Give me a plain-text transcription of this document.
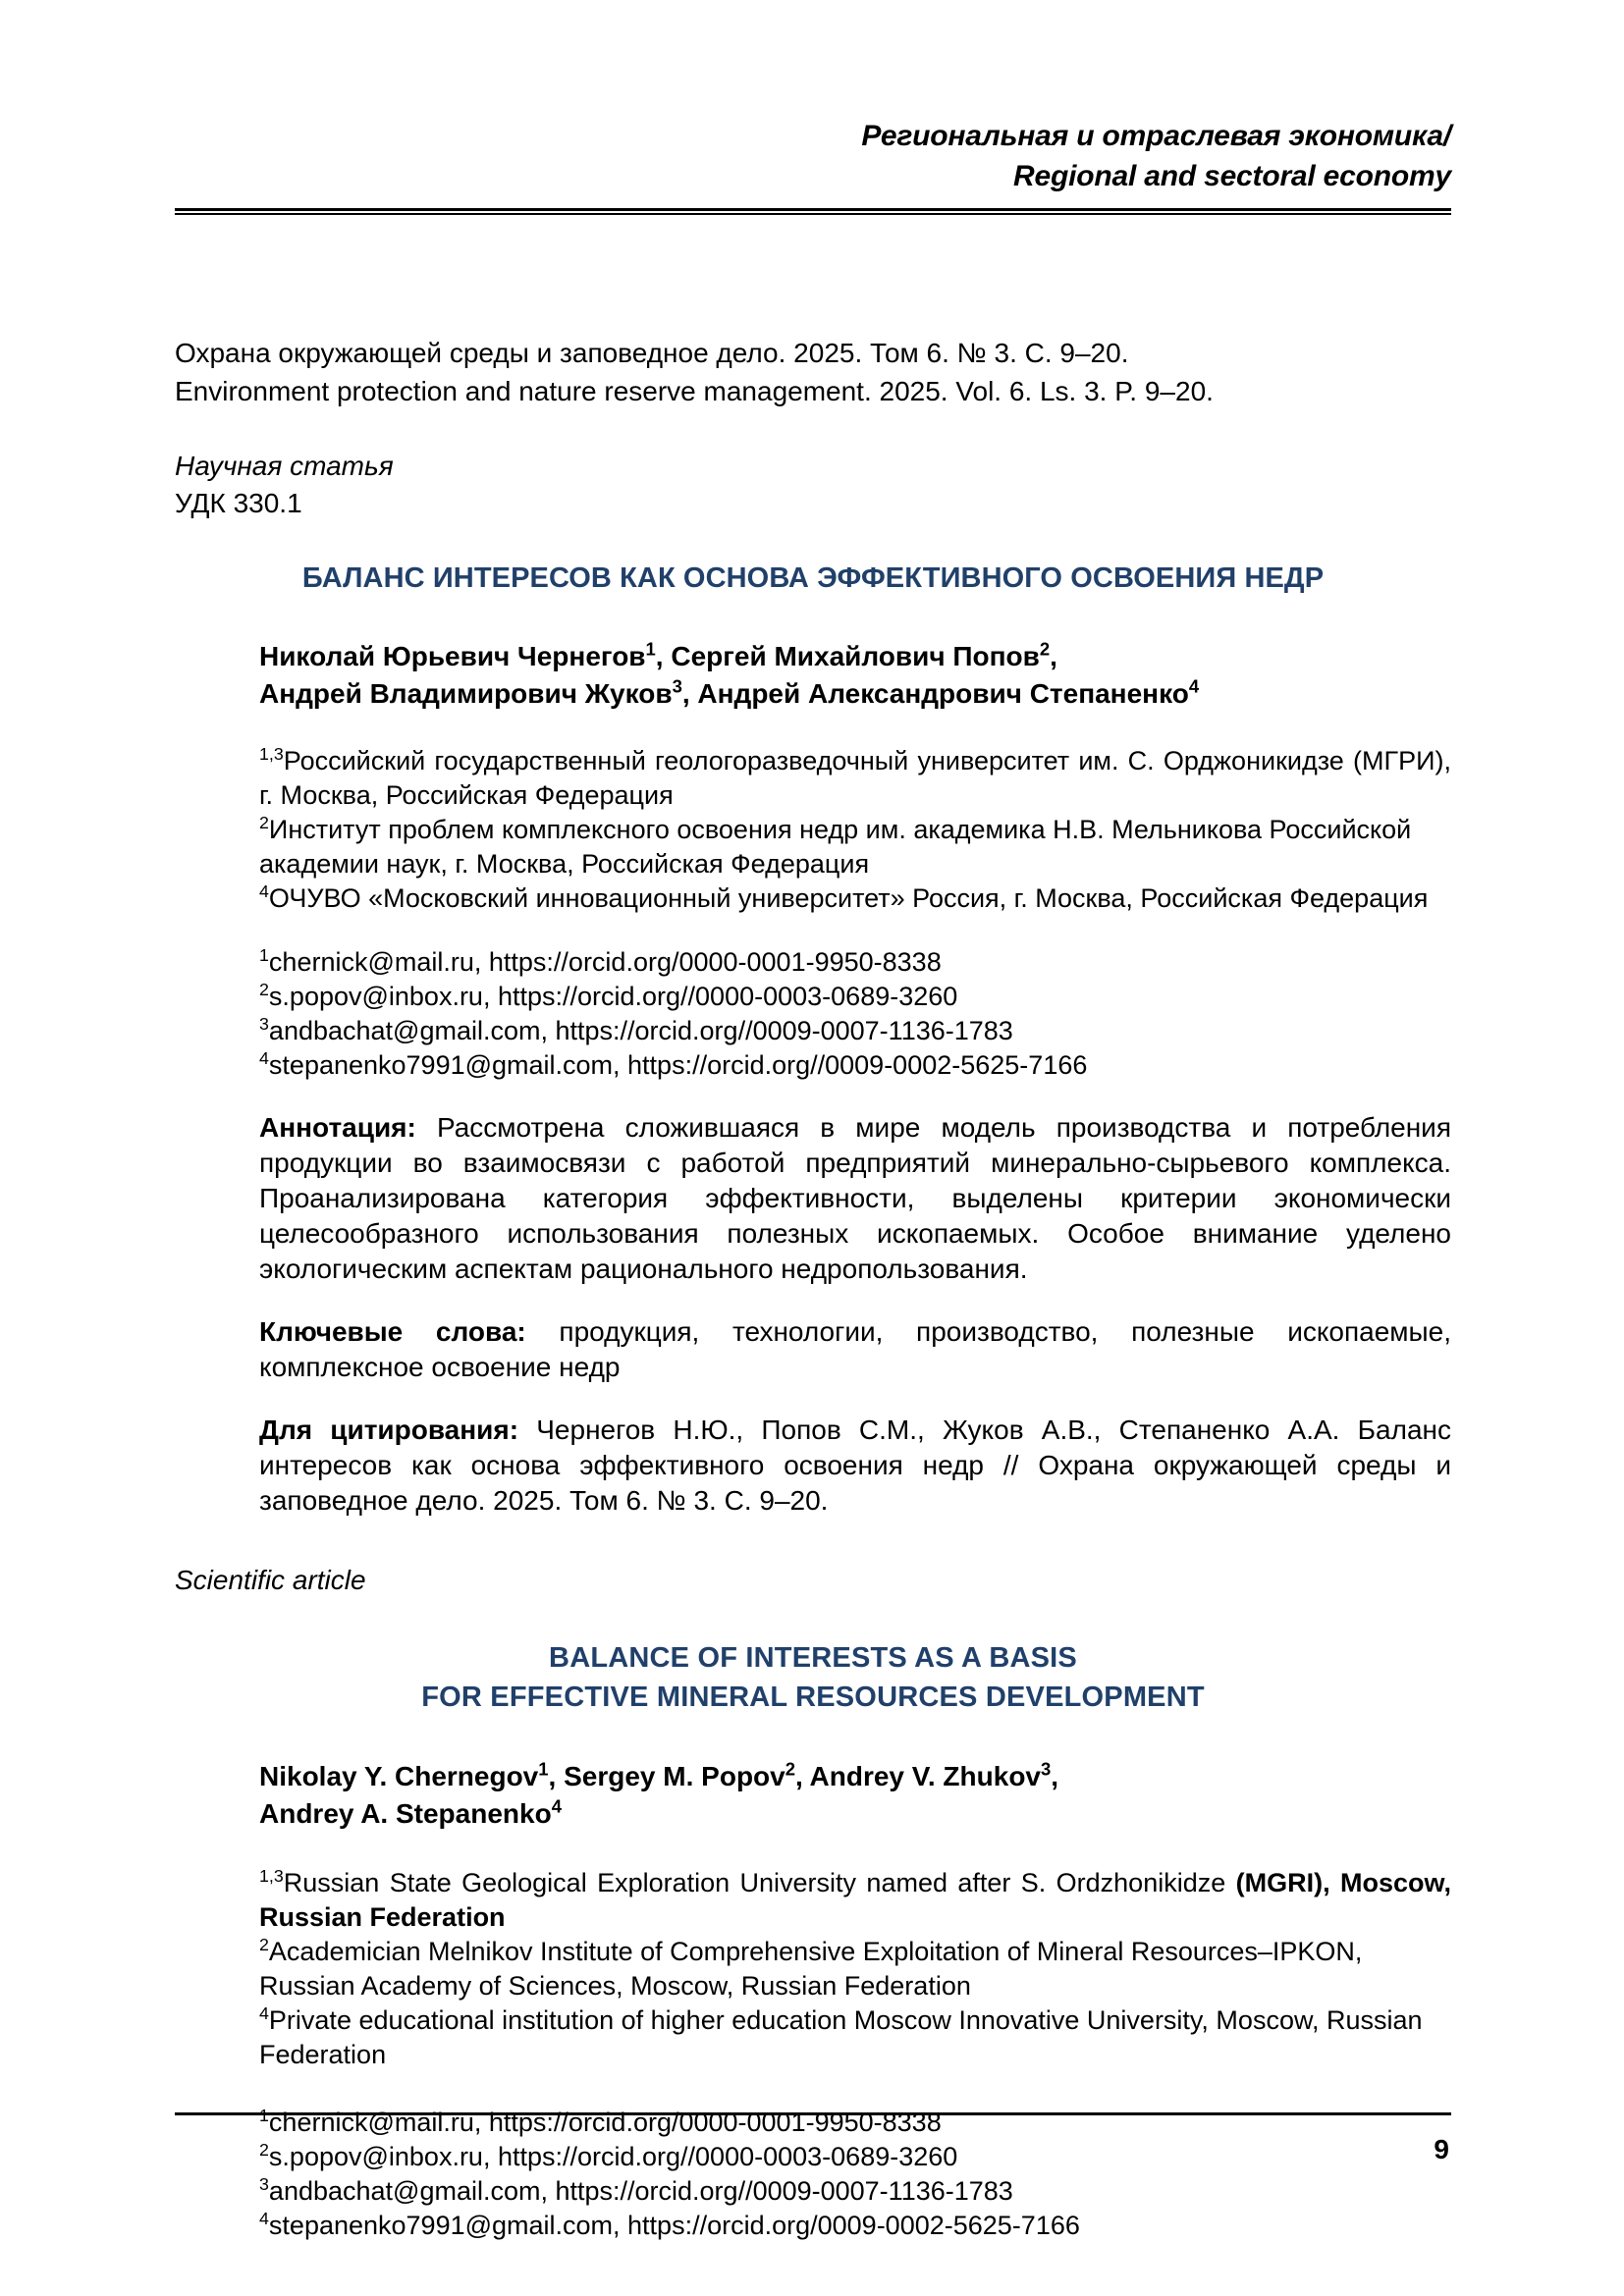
Региональная и отраслевая экономика/
Regional and sectoral economy
Охрана окружающей среды и заповедное дело. 2025. Том 6. № 3. С. 9–20.
Environment protection and nature reserve management. 2025. Vol. 6. Ls. 3. P. 9–20.
Научная статья
УДК 330.1
БАЛАНС ИНТЕРЕСОВ КАК ОСНОВА ЭФФЕКТИВНОГО ОСВОЕНИЯ НЕДР
Николай Юрьевич Чернегов$^1$, Сергей Михайлович Попов$^2$,
Андрей Владимирович Жуков$^3$, Андрей Александрович Степаненко$^4$
$^{1,3}$Российский государственный геологоразведочный университет им. С. Орджоникидзе (МГРИ), г. Москва, Российская Федерация
$^2$Институт проблем комплексного освоения недр им. академика Н.В. Мельникова Российской академии наук, г. Москва, Российская Федерация
$^4$ОЧУВО «Московский инновационный университет» Россия, г. Москва, Российская Федерация
$^1$chernick@mail.ru, https://orcid.org/0000-0001-9950-8338
$^2$s.popov@inbox.ru, https://orcid.org//0000-0003-0689-3260
$^3$andbachat@gmail.com, https://orcid.org//0009-0007-1136-1783
$^4$stepanenko7991@gmail.com, https://orcid.org//0009-0002-5625-7166

Аннотация: Рассмотрена сложившаяся в мире модель производства и потребления продукции во взаимосвязи с работой предприятий минерально-сырьевого комплекса. Проанализирована категория эффективности, выделены критерии экономически целесообразного использования полезных ископаемых. Особое внимание уделено экологическим аспектам рационального недропользования.

Ключевые слова: продукция, технологии, производство, полезные ископаемые, комплексное освоение недр

Для цитирования: Чернегов Н.Ю., Попов С.М., Жуков А.В., Степаненко А.А. Баланс интересов как основа эффективного освоения недр // Охрана окружающей среды и заповедное дело. 2025. Том 6. № 3. С. 9–20.

Scientific article
BALANCE OF INTERESTS AS A BASIS
FOR EFFECTIVE MINERAL RESOURCES DEVELOPMENT
Nikolay Y. Chernegov$^1$, Sergey M. Popov$^2$, Andrey V. Zhukov$^3$,
Andrey A. Stepanenko$^4$
$^{1,3}$Russian State Geological Exploration University named after S. Ordzhonikidze (MGRI), Moscow, Russian Federation
$^2$Academician Melnikov Institute of Comprehensive Exploitation of Mineral Resources–IPKON, Russian Academy of Sciences, Moscow, Russian Federation
$^4$Private educational institution of higher education Moscow Innovative University, Moscow, Russian Federation
$^1$chernick@mail.ru, https://orcid.org/0000-0001-9950-8338
$^2$s.popov@inbox.ru, https://orcid.org//0000-0003-0689-3260
$^3$andbachat@gmail.com, https://orcid.org//0009-0007-1136-1783
$^4$stepanenko7991@gmail.com, https://orcid.org/0009-0002-5625-7166
9
